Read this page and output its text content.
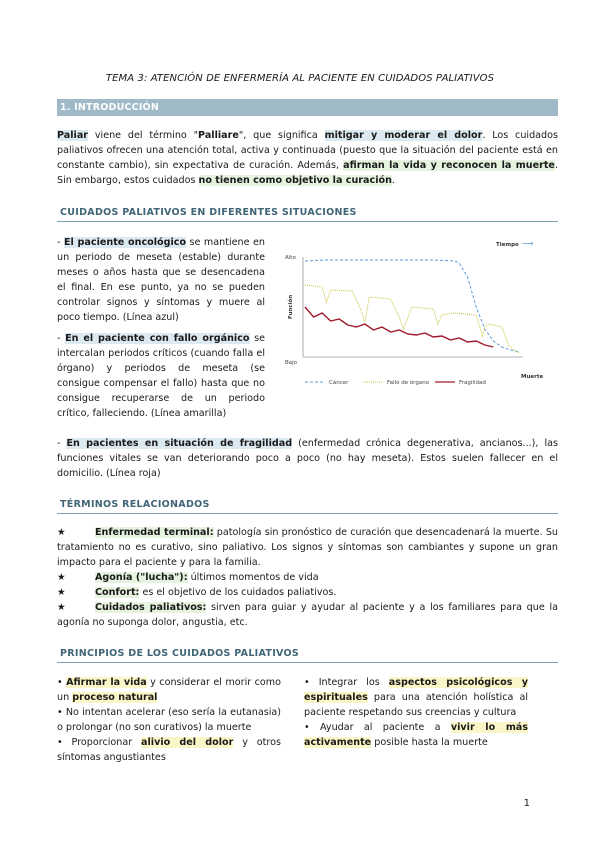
TEMA 3: ATENCIÓN DE ENFERMERÍA AL PACIENTE EN CUIDADOS PALIATIVOS
1. INTRODUCCIÓN
Paliar viene del término "Palliare", que significa mitigar y moderar el dolor. Los cuidados paliativos ofrecen una atención total, activa y continuada (puesto que la situación del paciente está en constante cambio), sin expectativa de curación. Además, afirman la vida y reconocen la muerte. Sin embargo, estos cuidados no tienen como objetivo la curación.
CUIDADOS PALIATIVOS EN DIFERENTES SITUACIONES
- El paciente oncológico se mantiene en un periodo de meseta (estable) durante meses o años hasta que se desencadena el final. En ese punto, ya no se pueden controlar signos y síntomas y muere al poco tiempo. (Línea azul)
- En el paciente con fallo orgánico se intercalan periodos críticos (cuando falla el órgano) y periodos de meseta (se consigue compensar el fallo) hasta que no consigue recuperarse de un periodo crítico, falleciendo. (Línea amarilla)
Alto
Bajo
Función
Tiempo ⟶
Muerte
Cáncer	Fallo de órgano	Fragilidad
- En pacientes en situación de fragilidad (enfermedad crónica degenerativa, ancianos...), las funciones vitales se van deteriorando poco a poco (no hay meseta). Estos suelen fallecer en el domicilio. (Línea roja)
TÉRMINOS RELACIONADOS
★	Enfermedad terminal: patología sin pronóstico de curación que desencadenará la muerte. Su tratamiento no es curativo, sino paliativo. Los signos y síntomas son cambiantes y supone un gran impacto para el paciente y para la familia.
★	Agonía ("lucha"): últimos momentos de vida
★	Confort: es el objetivo de los cuidados paliativos.
★	Cuidados paliativos: sirven para guiar y ayudar al paciente y a los familiares para que la agonía no suponga dolor, angustia, etc.
PRINCIPIOS DE LOS CUIDADOS PALIATIVOS
• Afirmar la vida y considerar el morir como un proceso natural
• No intentan acelerar (eso sería la eutanasia) o prolongar (no son curativos) la muerte
• Proporcionar alivio del dolor y otros síntomas angustiantes
• Integrar los aspectos psicológicos y espirituales para una atención holística al paciente respetando sus creencias y cultura
• Ayudar al paciente a vivir lo más activamente posible hasta la muerte
1
